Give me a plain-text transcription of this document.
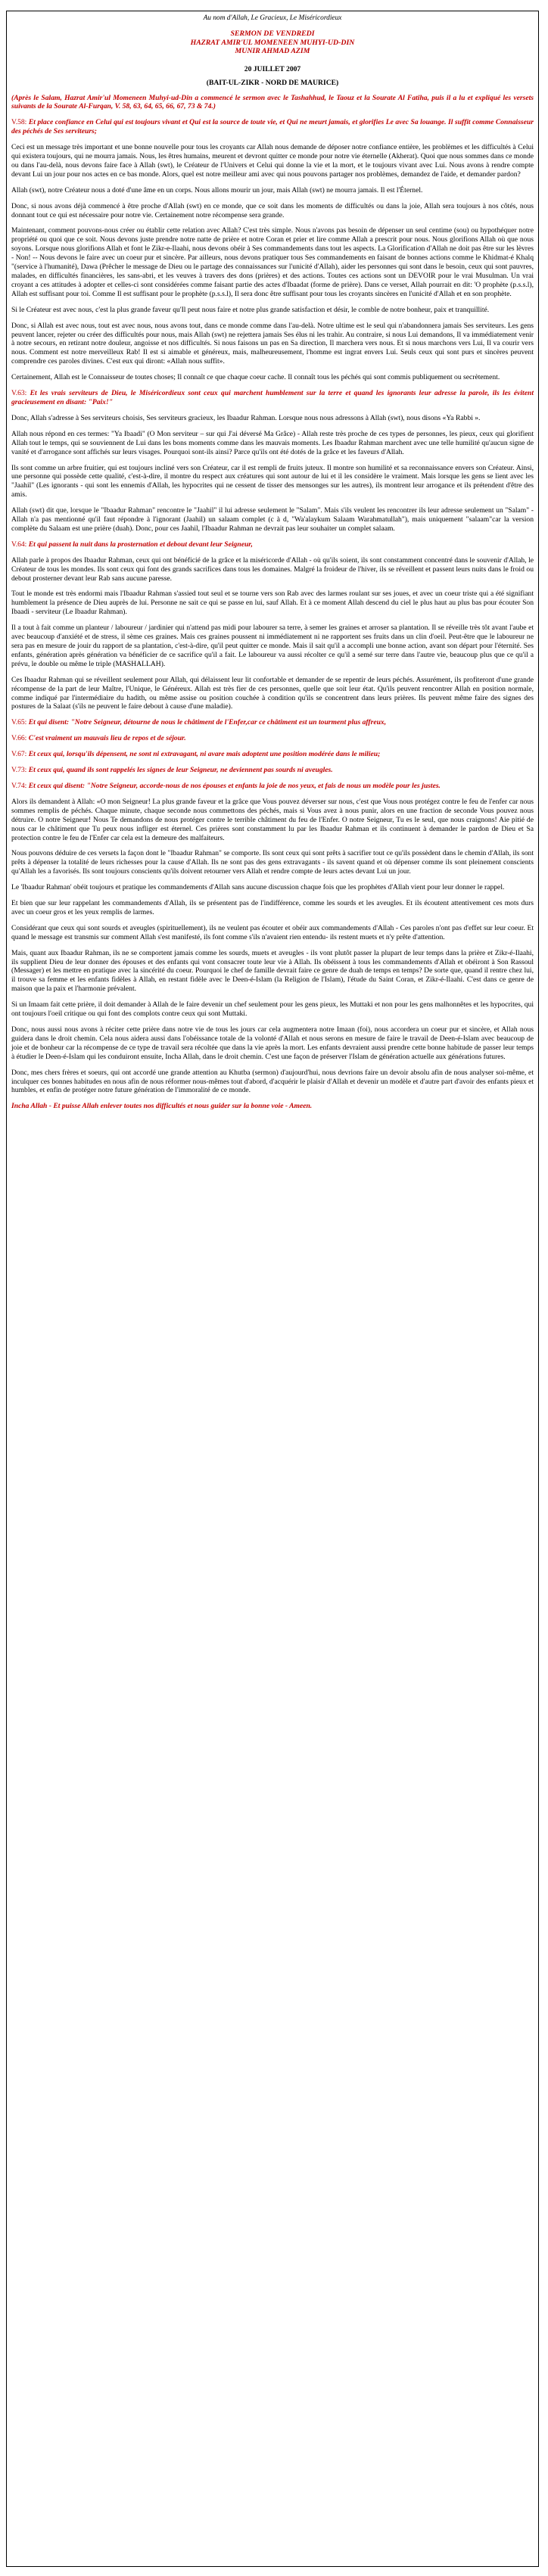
Au nom d'Allah, Le Gracieux, Le Miséricordieux
SERMON DE VENDREDI
HAZRAT AMIR'UL MOMENEEN MUHYI-UD-DIN
MUNIR AHMAD AZIM
20 JUILLET 2007
(BAIT-UL-ZIKR - NORD DE MAURICE)

(Après le Salam, Hazrat Amir'ul Momeneen Muhyi-ud-Din a commencé le sermon avec le Tashahhud, le Taouz et la Sourate Al Fatiha, puis il a lu et expliqué les versets suivants de la Sourate Al-Furqan, V. 58, 63, 64, 65, 66, 67, 73 & 74.)

V.58: Et place confiance en Celui qui est toujours vivant et Qui est la source de toute vie, et Qui ne meurt jamais, et glorifies Le avec Sa louange. Il suffit comme Connaisseur des péchés de Ses serviteurs;

Ceci est un message très important et une bonne nouvelle pour tous les croyants car Allah nous demande de déposer notre confiance entière, les problèmes et les difficultés à Celui qui existera toujours, qui ne mourra jamais. Nous, les êtres humains, meurent et devront quitter ce monde pour notre vie éternelle (Akherat). Quoi que nous sommes dans ce monde ou dans l'au-delà, nous devons faire face à Allah (swt), le Créateur de l'Univers et Celui qui donne la vie et la mort, et le toujours vivant avec Lui. Nous avons à rendre compte devant Lui un jour pour nos actes en ce bas monde. Alors, quel est notre meilleur ami avec qui nous pouvons partager nos problèmes, demandez de l'aide, et demander pardon?

Allah (swt), notre Créateur nous a doté d'une âme en un corps. Nous allons mourir un jour, mais Allah (swt) ne mourra jamais. Il est l'Éternel.

Donc, si nous avons déjà commencé à être proche d'Allah (swt) en ce monde, que ce soit dans les moments de difficultés ou dans la joie, Allah sera toujours à nos côtés, nous donnant tout ce qui est nécessaire pour notre vie. Certainement notre récompense sera grande.

Maintenant, comment pouvons-nous créer ou établir cette relation avec Allah? C'est très simple. Nous n'avons pas besoin de dépenser un seul centime (sou) ou hypothéquer notre propriété ou quoi que ce soit. Nous devons juste prendre notre natte de prière et notre Coran et prier et lire comme Allah a prescrit pour nous. Nous glorifions Allah où que nous soyons. Lorsque nous glorifions Allah et font le Zikr-e-Ilaahi, nous devons obéir à Ses commandements dans tout les aspects. La Glorification d'Allah ne doit pas être sur les lèvres - Non! -- Nous devons le faire avec un coeur pur et sincère. Par ailleurs, nous devons pratiquer tous Ses commandements en faisant de bonnes actions comme le Khidmat-é Khalq "(service à l'humanité), Dawa (Prêcher le message de Dieu ou le partage des connaissances sur l'unicité d'Allah), aider les personnes qui sont dans le besoin, ceux qui sont pauvres, malades, en difficultés financières, les sans-abri, et les veuves à travers des dons (prières) et des actions. Toutes ces actions sont un DEVOIR pour le vrai Musulman. Un vrai croyant a ces attitudes à adopter et celles-ci sont considérées comme faisant partie des actes d'Ibaadat (forme de prière). Dans ce verset, Allah pourrait en dit: 'O prophète (p.s.s.l), Allah est suffisant pour toi. Comme Il est suffisant pour le prophète (p.s.s.l), Il sera donc être suffisant pour tous les croyants sincères en l'unicité d'Allah et en son prophète.

Si le Créateur est avec nous, c'est la plus grande faveur qu'Il peut nous faire et notre plus grande satisfaction et désir, le comble de notre bonheur, paix et tranquillité.

Donc, si Allah est avec nous, tout est avec nous, nous avons tout, dans ce monde comme dans l'au-delà. Notre ultime est le seul qui n'abandonnera jamais Ses serviteurs. Les gens peuvent lancer, rejeter ou créer des difficultés pour nous, mais Allah (swt) ne rejettera jamais Ses élus ni les trahir. Au contraire, si nous Lui demandons, Il va immédiatement venir à notre secours, en retirant notre douleur, angoisse et nos difficultés. Si nous faisons un pas en Sa direction, Il marchera vers nous. Et si nous marchons vers Lui, Il va courir vers nous. Comment est notre merveilleux Rab! Il est si aimable et généreux, mais, malheureusement, l'homme est ingrat envers Lui. Seuls ceux qui sont purs et sincères peuvent comprendre ces paroles divines. C'est eux qui diront: «Allah nous suffit».

Certainement, Allah est le Connaisseur de toutes choses; Il connaît ce que chaque coeur cache. Il connaît tous les péchés qui sont commis publiquement ou secrètement.

V.63: Et les vrais serviteurs de Dieu, le Miséricordieux sont ceux qui marchent humblement sur la terre et quand les ignorants leur adresse la parole, ils les évitent gracieusement en disant: "Paix!"

Donc, Allah s'adresse à Ses serviteurs choisis, Ses serviteurs gracieux, les Ibaadur Rahman. Lorsque nous nous adressons à Allah (swt), nous disons «Ya Rabbi ».

Allah nous répond en ces termes: "Ya Ibaadi" (O Mon serviteur – sur qui J'ai déversé Ma Grâce) - Allah reste très proche de ces types de personnes, les pieux, ceux qui glorifient Allah tout le temps, qui se souviennent de Lui dans les bons moments comme dans les mauvais moments. Les Ibaadur Rahman marchent avec une telle humilité qu'aucun signe de vanité et d'arrogance sont affichés sur leurs visages. Pourquoi sont-ils ainsi? Parce qu'ils ont été dotés de la grâce et les faveurs d'Allah.

Ils sont comme un arbre fruitier, qui est toujours incliné vers son Créateur, car il est rempli de fruits juteux. Il montre son humilité et sa reconnaissance envers son Créateur. Ainsi, une personne qui possède cette qualité, c'est-à-dire, il montre du respect aux créatures qui sont autour de lui et il les considère le vraiment. Mais lorsque les gens se lient avec les "Jaahil" (Les ignorants - qui sont les ennemis d'Allah, les hypocrites qui ne cessent de tisser des mensonges sur les autres), ils montrent leur arrogance et ils prétendent d'être des amis.

Allah (swt) dit que, lorsque le "Ibaadur Rahman" rencontre le "Jaahil" il lui adresse seulement le "Salam". Mais s'ils veulent les rencontrer ils leur adresse seulement un "Salam" - Allah n'a pas mentionné qu'il faut répondre à l'ignorant (Jaahil) un salaam complet (c à d, "Wa'alaykum Salaam Warahmatullah"), mais uniquement "salaam"car la version complète du Salaam est une prière (duah). Donc, pour ces Jaahil, l'Ibaadur Rahman ne devrait pas leur souhaiter un complet salaam.

V.64: Et qui passent la nuit dans la prosternation et debout devant leur Seigneur,

Allah parle à propos des Ibaadur Rahman, ceux qui ont bénéficié de la grâce et la miséricorde d'Allah - où qu'ils soient, ils sont constamment concentré dans le souvenir d'Allah, le Créateur de tous les mondes. Ils sont ceux qui font des grands sacrifices dans tous les domaines. Malgré la froideur de l'hiver, ils se réveillent et passent leurs nuits dans le froid ou debout prosterner devant leur Rab sans aucune paresse.

Tout le monde est très endormi mais l'Ibaadur Rahman s'assied tout seul et se tourne vers son Rab avec des larmes roulant sur ses joues, et avec un coeur triste qui a été signifiant humblement la présence de Dieu auprès de lui. Personne ne sait ce qui se passe en lui, sauf Allah. Et à ce moment Allah descend du ciel le plus haut au plus bas pour écouter Son Ibaadi - serviteur (Le Ibaadur Rahman).

Il a tout à fait comme un planteur / laboureur / jardinier qui n'attend pas midi pour labourer sa terre, à semer les graines et arroser sa plantation. Il se réveille très tôt avant l'aube et avec beaucoup d'anxiété et de stress, il sème ces graines. Mais ces graines poussent ni immédiatement ni ne rapportent ses fruits dans un clin d'oeil. Peut-être que le laboureur ne sera pas en mesure de jouir du rapport de sa plantation, c'est-à-dire, qu'il peut quitter ce monde. Mais il sait qu'il a accompli une bonne action, avant son départ pour l'éternité. Ses enfants, génération après génération va bénéficier de ce sacrifice qu'il a fait. Le laboureur va aussi récolter ce qu'il a semé sur terre dans l'autre vie, beaucoup plus que ce qu'il a prévu, le double ou même le triple (MASHALLAH).

Ces Ibaadur Rahman qui se réveillent seulement pour Allah, qui délaissent leur lit confortable et demander de se repentir de leurs péchés. Assurément, ils profiteront d'une grande récompense de la part de leur Maître, l'Unique, le Généreux. Allah est très fier de ces personnes, quelle que soit leur état. Qu'ils peuvent rencontrer Allah en position normale, comme indiqué par l'intermédiaire du hadith, ou même assise ou position couchée à condition qu'ils se concentrent dans leurs prières. Ils peuvent même faire des signes des postures de la Salaat (s'ils ne peuvent le faire debout à cause d'une maladie).

V.65: Et qui disent: "Notre Seigneur, détourne de nous le châtiment de l'Enfer,car ce châtiment est un tourment plus affreux,

V.66: C'est vraiment un mauvais lieu de repos et de séjour.

V.67: Et ceux qui, lorsqu'ils dépensent, ne sont ni extravagant, ni avare mais adoptent une position modérée dans le milieu;

V.73: Et ceux qui, quand ils sont rappelés les signes de leur Seigneur, ne deviennent pas sourds ni aveugles.

V.74: Et ceux qui disent: "Notre Seigneur, accorde-nous de nos épouses et enfants la joie de nos yeux, et fais de nous un modèle pour les justes.

Alors ils demandent à Allah: «O mon Seigneur! La plus grande faveur et la grâce que Vous pouvez déverser sur nous, c'est que Vous nous protégez contre le feu de l'enfer car nous sommes remplis de péchés. Chaque minute, chaque seconde nous commettons des péchés, mais si Vous avez à nous punir, alors en une fraction de seconde Vous pouvez nous détruire. O notre Seigneur! Nous Te demandons de nous protéger contre le terrible châtiment du feu de l'Enfer. O notre Seigneur, Tu es le seul, que nous craignons! Aie pitié de nous car le châtiment que Tu peux nous infliger est éternel. Ces prières sont constamment lu par les Ibaadur Rahman et ils continuent à demander le pardon de Dieu et Sa protection contre le feu de l'Enfer car cela est la demeure des malfaiteurs.

Nous pouvons déduire de ces versets la façon dont le "Ibaadur Rahman" se comporte. Ils sont ceux qui sont prêts à sacrifier tout ce qu'ils possèdent dans le chemin d'Allah, ils sont prêts à dépenser la totalité de leurs richesses pour la cause d'Allah. Ils ne sont pas des gens extravagants - ils savent quand et où dépenser comme ils sont pleinement conscients qu'Allah les a favorisés. Ils sont toujours conscients qu'ils doivent retourner vers Allah et rendre compte de leurs actes devant Lui un jour.

Le 'Ibaadur Rahman' obéit toujours et pratique les commandements d'Allah sans aucune discussion chaque fois que les prophètes d'Allah vient pour leur donner le rappel.

Et bien que sur leur rappelant les commandements d'Allah, ils se présentent pas de l'indifférence, comme les sourds et les aveugles. Et ils écoutent attentivement ces mots durs avec un coeur gros et les yeux remplis de larmes.

Considérant que ceux qui sont sourds et aveugles (spirituellement), ils ne veulent pas écouter et obéir aux commandements d'Allah - Ces paroles n'ont pas d'effet sur leur coeur. Et quand le message est transmis sur comment Allah s'est manifesté, ils font comme s'ils n'avaient rien entendu- ils restent muets et n'y prête d'attention.

Mais, quant aux Ibaadur Rahman, ils ne se comportent jamais comme les sourds, muets et aveugles - ils vont plutôt passer la plupart de leur temps dans la prière et Zikr-é-Ilaahi, ils supplient Dieu de leur donner des épouses et des enfants qui vont consacrer toute leur vie à Allah. Ils obéissent à tous les commandements d'Allah et obéiront à Son Rassoul (Messager) et les mettre en pratique avec la sincérité du coeur. Pourquoi le chef de famille devrait faire ce genre de duah de temps en temps? De sorte que, quand il rentre chez lui, il trouve sa femme et les enfants fidèles à Allah, en restant fidèle avec le Deen-é-Islam (la Religion de l'Islam), l'étude du Saint Coran, et Zikr-é-Ilaahi. C'est dans ce genre de maison que la paix et l'harmonie prévalent.

Si un Imaam fait cette prière, il doit demander à Allah de le faire devenir un chef seulement pour les gens pieux, les Muttaki et non pour les gens malhonnêtes et les hypocrites, qui ont toujours l'oeil critique ou qui font des complots contre ceux qui sont Muttaki.

Donc, nous aussi nous avons à réciter cette prière dans notre vie de tous les jours car cela augmentera notre Imaan (foi), nous accordera un coeur pur et sincère, et Allah nous guidera dans le droit chemin. Cela nous aidera aussi dans l'obéissance totale de la volonté d'Allah et nous serons en mesure de faire le travail de Deen-é-Islam avec beaucoup de joie et de bonheur car la récompense de ce type de travail sera récoltée que dans la vie après la mort. Les enfants devraient aussi prendre cette bonne habitude de passer leur temps à étudier le Deen-é-Islam qui les conduiront ensuite, Incha Allah, dans le droit chemin. C'est une façon de préserver l'Islam de génération actuelle aux générations futures.

Donc, mes chers frères et soeurs, qui ont accordé une grande attention au Khutba (sermon) d'aujourd'hui, nous devrions faire un devoir absolu afin de nous analyser soi-même, et inculquer ces bonnes habitudes en nous afin de nous réformer nous-mêmes tout d'abord, d'acquérir le plaisir d'Allah et devenir un modèle et d'autre part d'avoir des enfants pieux et humbles, et enfin de protéger notre future génération de l'immoralité de ce monde.

Incha Allah - Et puisse Allah enlever toutes nos difficultés et nous guider sur la bonne voie - Ameen.
